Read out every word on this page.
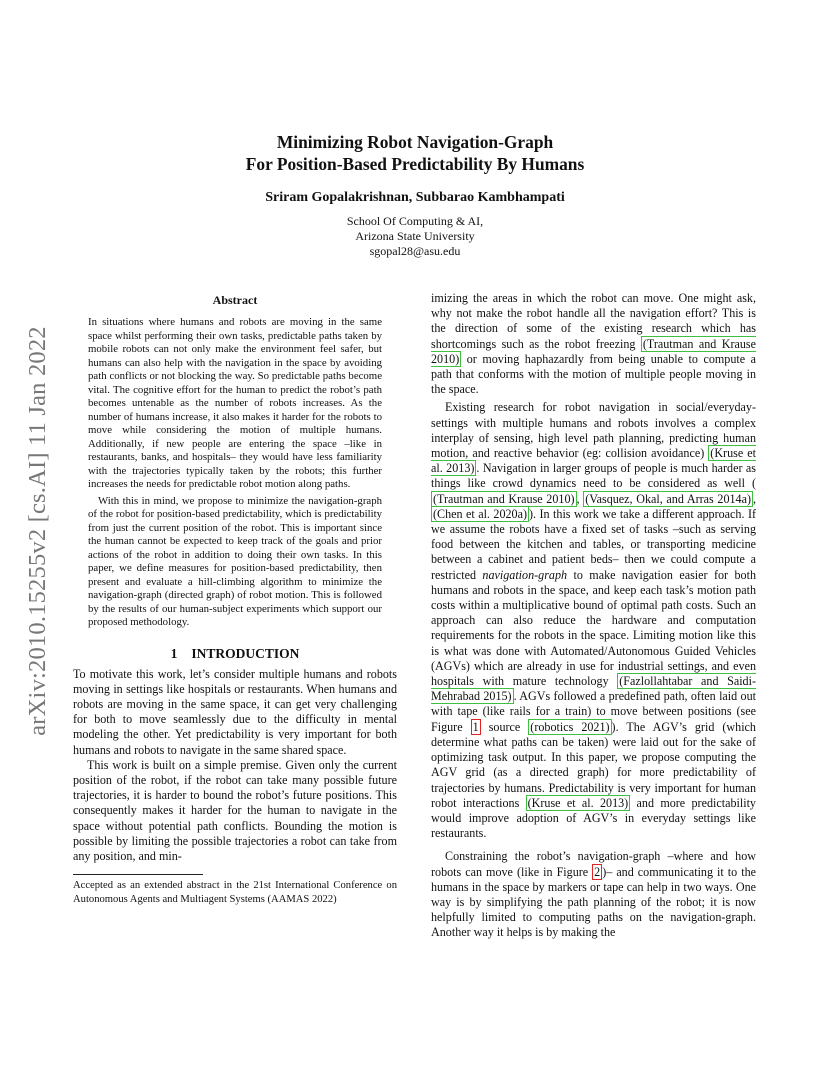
arXiv:2010.15255v2 [cs.AI] 11 Jan 2022
Minimizing Robot Navigation-Graph
For Position-Based Predictability By Humans

Sriram Gopalakrishnan, Subbarao Kambhampati

School Of Computing & AI,
Arizona State University
sgopal28@asu.edu

Abstract

In situations where humans and robots are moving in the same space whilst performing their own tasks, predictable paths taken by mobile robots can not only make the environment feel safer, but humans can also help with the navigation in the space by avoiding path conflicts or not blocking the way. So predictable paths become vital. The cognitive effort for the human to predict the robot’s path becomes untenable as the number of robots increases. As the number of humans increase, it also makes it harder for the robots to move while considering the motion of multiple humans. Additionally, if new people are entering the space –like in restaurants, banks, and hospitals– they would have less familiarity with the trajectories typically taken by the robots; this further increases the needs for predictable robot motion along paths.

With this in mind, we propose to minimize the navigation-graph of the robot for position-based predictability, which is predictability from just the current position of the robot. This is important since the human cannot be expected to keep track of the goals and prior actions of the robot in addition to doing their own tasks. In this paper, we define measures for position-based predictability, then present and evaluate a hill-climbing algorithm to minimize the navigation-graph (directed graph) of robot motion. This is followed by the results of our human-subject experiments which support our proposed methodology.

1 INTRODUCTION

To motivate this work, let’s consider multiple humans and robots moving in settings like hospitals or restaurants. When humans and robots are moving in the same space, it can get very challenging for both to move seamlessly due to the difficulty in mental modeling the other. Yet predictability is very important for both humans and robots to navigate in the same shared space.

This work is built on a simple premise. Given only the current position of the robot, if the robot can take many possible future trajectories, it is harder to bound the robot’s future positions. This consequently makes it harder for the human to navigate in the space without potential path conflicts. Bounding the motion is possible by limiting the possible trajectories a robot can take from any position, and min-

Accepted as an extended abstract in the 21st International Conference on Autonomous Agents and Multiagent Systems (AAMAS 2022)

imizing the areas in which the robot can move. One might ask, why not make the robot handle all the navigation effort? This is the direction of some of the existing research which has shortcomings such as the robot freezing (Trautman and Krause 2010) or moving haphazardly from being unable to compute a path that conforms with the motion of multiple people moving in the space.

Existing research for robot navigation in social/everyday-settings with multiple humans and robots involves a complex interplay of sensing, high level path planning, predicting human motion, and reactive behavior (eg: collision avoidance) (Kruse et al. 2013) . Navigation in larger groups of people is much harder as things like crowd dynamics need to be considered as well ( (Trautman and Krause 2010) , (Vasquez, Okal, and Arras 2014a) , (Chen et al. 2020a) ). In this work we take a different approach. If we assume the robots have a fixed set of tasks –such as serving food between the kitchen and tables, or transporting medicine between a cabinet and patient beds– then we could compute a restricted navigation-graph to make navigation easier for both humans and robots in the space, and keep each task’s motion path costs within a multiplicative bound of optimal path costs. Such an approach can also reduce the hardware and computation requirements for the robots in the space. Limiting motion like this is what was done with Automated/Autonomous Guided Vehicles (AGVs) which are already in use for industrial settings, and even hospitals with mature technology (Fazlollahtabar and Saidi-Mehrabad 2015) . AGVs followed a predefined path, often laid out with tape (like rails for a train) to move between positions (see Figure 1 source (robotics 2021) ). The AGV’s grid (which determine what paths can be taken) were laid out for the sake of optimizing task output. In this paper, we propose computing the AGV grid (as a directed graph) for more predictability of trajectories by humans. Predictability is very important for human robot interactions (Kruse et al. 2013) and more predictability would improve adoption of AGV’s in everyday settings like restaurants.

Constraining the robot’s navigation-graph –where and how robots can move (like in Figure 2 )– and communicating it to the humans in the space by markers or tape can help in two ways. One way is by simplifying the path planning of the robot; it is now helpfully limited to computing paths on the navigation-graph. Another way it helps is by making the
